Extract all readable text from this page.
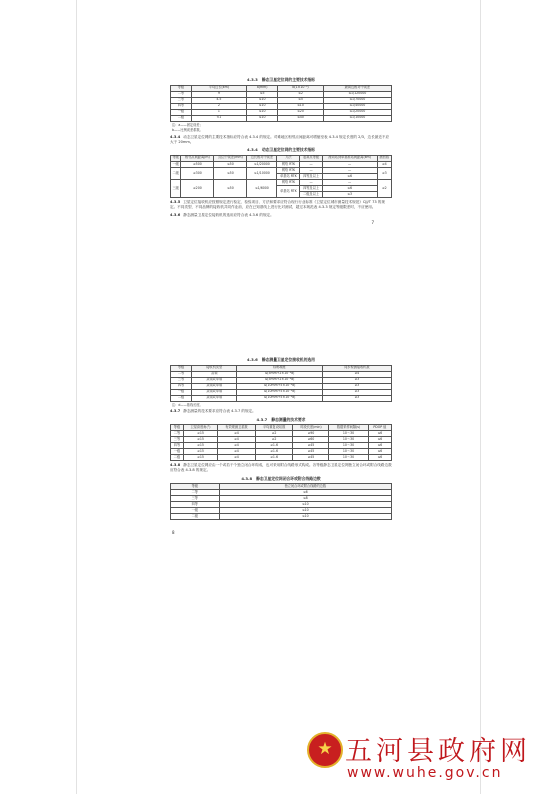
4.3.3 静态卫星定位网的主要技术指标
等级	平均边长(km)	a(mm)	b(1×10⁻⁶)	最弱边相对中误差
二等	9	≤5	≤2	≤1/120000
三等	4.5	≤10	≤5	≤1/70000
四等	2	≤10	≤10	≤1/40000
一级	1	≤10	≤20	≤1/20000
二级	<1	≤10	≤40	≤1/10000
注：a——固定误差；
b——比例误差系数。
4.3.4 动态卫星定位网的主要技术指标应符合表 4.3.4 的规定。对难地区相邻点间距离可增缩至表 4.3.4 规定长度的 2/3，边长最近不应大于 20mm。
4.3.4 动态卫星定位网的主要技术指标
等级	相邻点间距离(m)	点位中误差(mm)	边长相对中误差	方法	起算点等级	流动站到单基准站间距离(km)	测回数
一级	≥500	≤50	≤1/20000	网络 RTK	—	—	≥4
二级	≥300	≤50	≤1/10000	网络 RTK	—	—	≥3
				单基站 RTK	四等及以上	≤6	
三级	≥200	≤50	≤1/6000	网络 RTK	—	—	≥2
				单基站 RTK	四等及以上	≤6	
					二级及以上	≤3	
4.3.5 卫星定位接收机应按照规定进行检定、检验项目、方法和要求应符合现行行业标准《卫星定位城市测量技术规范》CJJ/T 73 的规定。不同类型、不同品牌的接收机共同作业前，应在已知基线上进行比对测试，超过本规范表 4.3.3 规定等级限差时，不应使用。
4.3.6 静态测量卫星定位接收机的选用应符合表 4.3.6 的规定。
7
4.3.6 静态测量卫星定位接收机的选用
等级	接收机类型	标称精度	同步观测接收机数
二等	双频	≤(5mm+2×10⁻⁶d)	≥4
三等	双频或单频	≤(5mm+2×10⁻⁶d)	≥3
四等	双频或单频	≤(10mm+5×10⁻⁶d)	≥3
一级	双频或单频	≤(10mm+5×10⁻⁶d)	≥3
二级	双频或单频	≤(10mm+5×10⁻⁶d)	≥3
注：d——基线长度。
4.3.7 静态测量的技术要求应符合表 4.3.7 的规定。
4.3.7 静态测量的技术要求
等级	卫星高度角(°)	有效观测卫星数	平均重复设站数	时段长度(min)	数据采样间隔(s)	PDOP 值
二等	≥15	≥4	≥2	≥90	10～30	≤6
三等	≥15	≥4	≥2	≥60	10～30	≤6
四等	≥15	≥4	≥1.6	≥45	10～30	≤6
一级	≥15	≥4	≥1.6	≥45	10～30	≤6
二级	≥15	≥4	≥1.6	≥45	10～30	≤6
4.3.8 静态卫星定位网应由一个或若干个独立闭合环构成，也可采用附合线路形式构成。各等级静态卫星定位网独立闭合环或附合线路边数应符合表 4.3.8 的规定。
4.3.8 静态卫星定位网闭合环或附合线路边数
等级	独立闭合环或附合线路的边数
二等	≤6
三等	≤8
四等	≤10
一级	≤10
二级	≤10
8
★ 五河县政府网
www.wuhe.gov.cn
